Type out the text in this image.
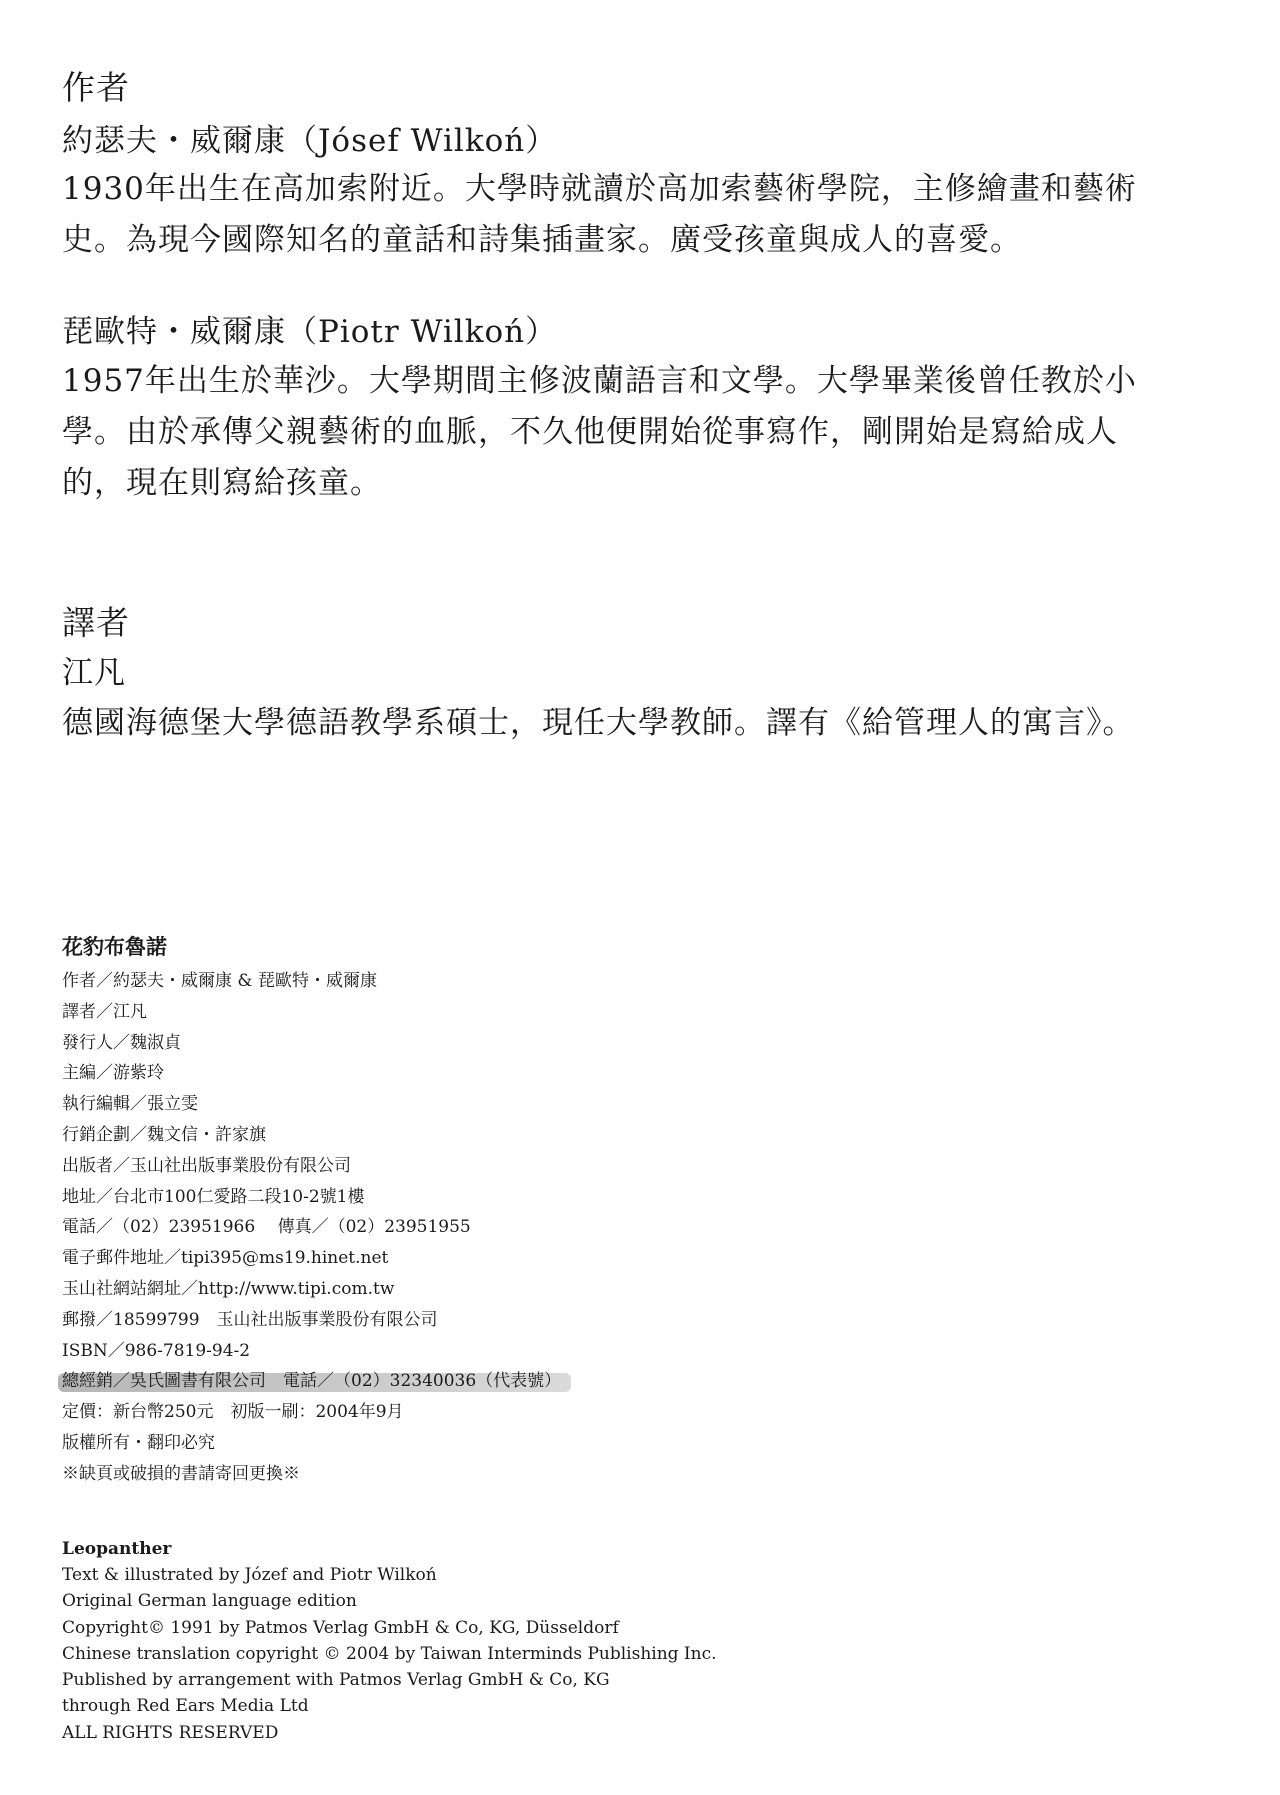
作者
約瑟夫・威爾康（Jósef Wilkoń）
1930年出生在高加索附近。大學時就讀於高加索藝術學院，主修繪畫和藝術
史。為現今國際知名的童話和詩集插畫家。廣受孩童與成人的喜愛。
琵歐特・威爾康（Piotr Wilkoń）
1957年出生於華沙。大學期間主修波蘭語言和文學。大學畢業後曾任教於小
學。由於承傳父親藝術的血脈，不久他便開始從事寫作，剛開始是寫給成人
的，現在則寫給孩童。
譯者
江凡
德國海德堡大學德語教學系碩士，現任大學教師。譯有《給管理人的寓言》。
花豹布魯諾
作者／約瑟夫・威爾康 & 琵歐特・威爾康
譯者／江凡
發行人／魏淑貞
主編／游紫玲
執行編輯／張立雯
行銷企劃／魏文信・許家旗
出版者／玉山社出版事業股份有限公司
地址／台北市100仁愛路二段10-2號1樓
電話／（02）23951966　 傳真／（02）23951955
電子郵件地址／tipi395@ms19.hinet.net
玉山社網站網址／http://www.tipi.com.tw
郵撥／18599799　玉山社出版事業股份有限公司
ISBN／986-7819-94-2
總經銷／吳氏圖書有限公司　電話／（02）32340036（代表號）
定價：新台幣250元　初版一刷：2004年9月
版權所有・翻印必究
※缺頁或破損的書請寄回更換※
Leopanther
Text & illustrated by Józef and Piotr Wilkoń
Original German language edition
Copyright© 1991 by Patmos Verlag GmbH & Co, KG, Düsseldorf
Chinese translation copyright © 2004 by Taiwan Interminds Publishing Inc.
Published by arrangement with Patmos Verlag GmbH & Co, KG
through Red Ears Media Ltd
ALL RIGHTS RESERVED
